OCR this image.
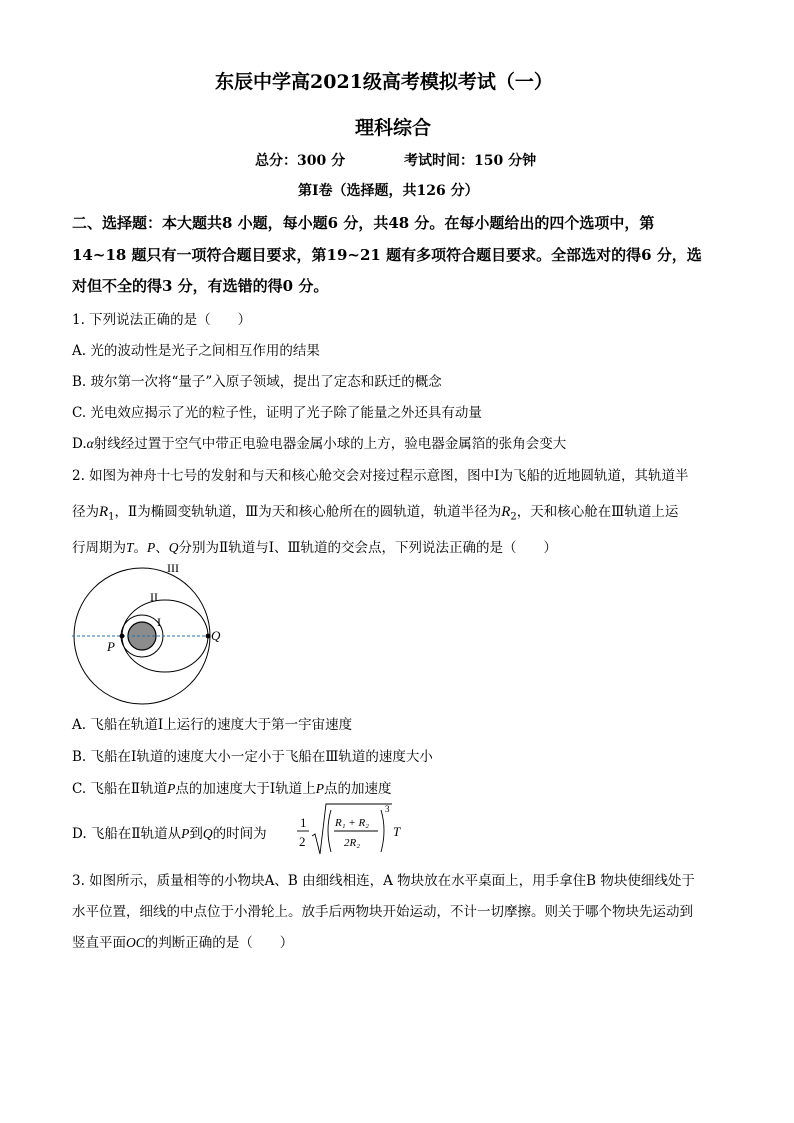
东辰中学高2021级高考模拟考试（一）
理科综合
总分：300 分	考试时间：150 分钟
第Ⅰ卷（选择题，共126 分）
二、选择题：本大题共8 小题，每小题6 分，共48 分。在每小题给出的四个选项中，第
14~18 题只有一项符合题目要求，第19~21 题有多项符合题目要求。全部选对的得6 分，选
对但不全的得3 分，有选错的得0 分。
1. 下列说法正确的是（　　）
A. 光的波动性是光子之间相互作用的结果
B. 玻尔第一次将“量子”入原子领域，提出了定态和跃迁的概念
C. 光电效应揭示了光的粒子性，证明了光子除了能量之外还具有动量
D.α射线经过置于空气中带正电验电器金属小球的上方，验电器金属箔的张角会变大
2. 如图为神舟十七号的发射和与天和核心舱交会对接过程示意图，图中Ⅰ为飞船的近地圆轨道，其轨道半
径为$R_1$，Ⅱ为椭圆变轨轨道，Ⅲ为天和核心舱所在的圆轨道，轨道半径为$R_2$，天和核心舱在Ⅲ轨道上运
行周期为T。P、Q分别为Ⅱ轨道与Ⅰ、Ⅲ轨道的交会点，下列说法正确的是（　　）
III
II
I
P
Q
A. 飞船在轨道Ⅰ上运行的速度大于第一宇宙速度
B. 飞船在Ⅰ轨道的速度大小一定小于飞船在Ⅲ轨道的速度大小
C. 飞船在Ⅱ轨道P点的加速度大于Ⅰ轨道上P点的加速度
D. 飞船在Ⅱ轨道从P到Q的时间为
1
2
R₁ + R₂
2R₂
3
T
3. 如图所示，质量相等的小物块A、B 由细线相连，A 物块放在水平桌面上，用手拿住B 物块使细线处于
水平位置，细线的中点位于小滑轮上。放手后两物块开始运动，不计一切摩擦。则关于哪个物块先运动到
竖直平面OC的判断正确的是（　　）
